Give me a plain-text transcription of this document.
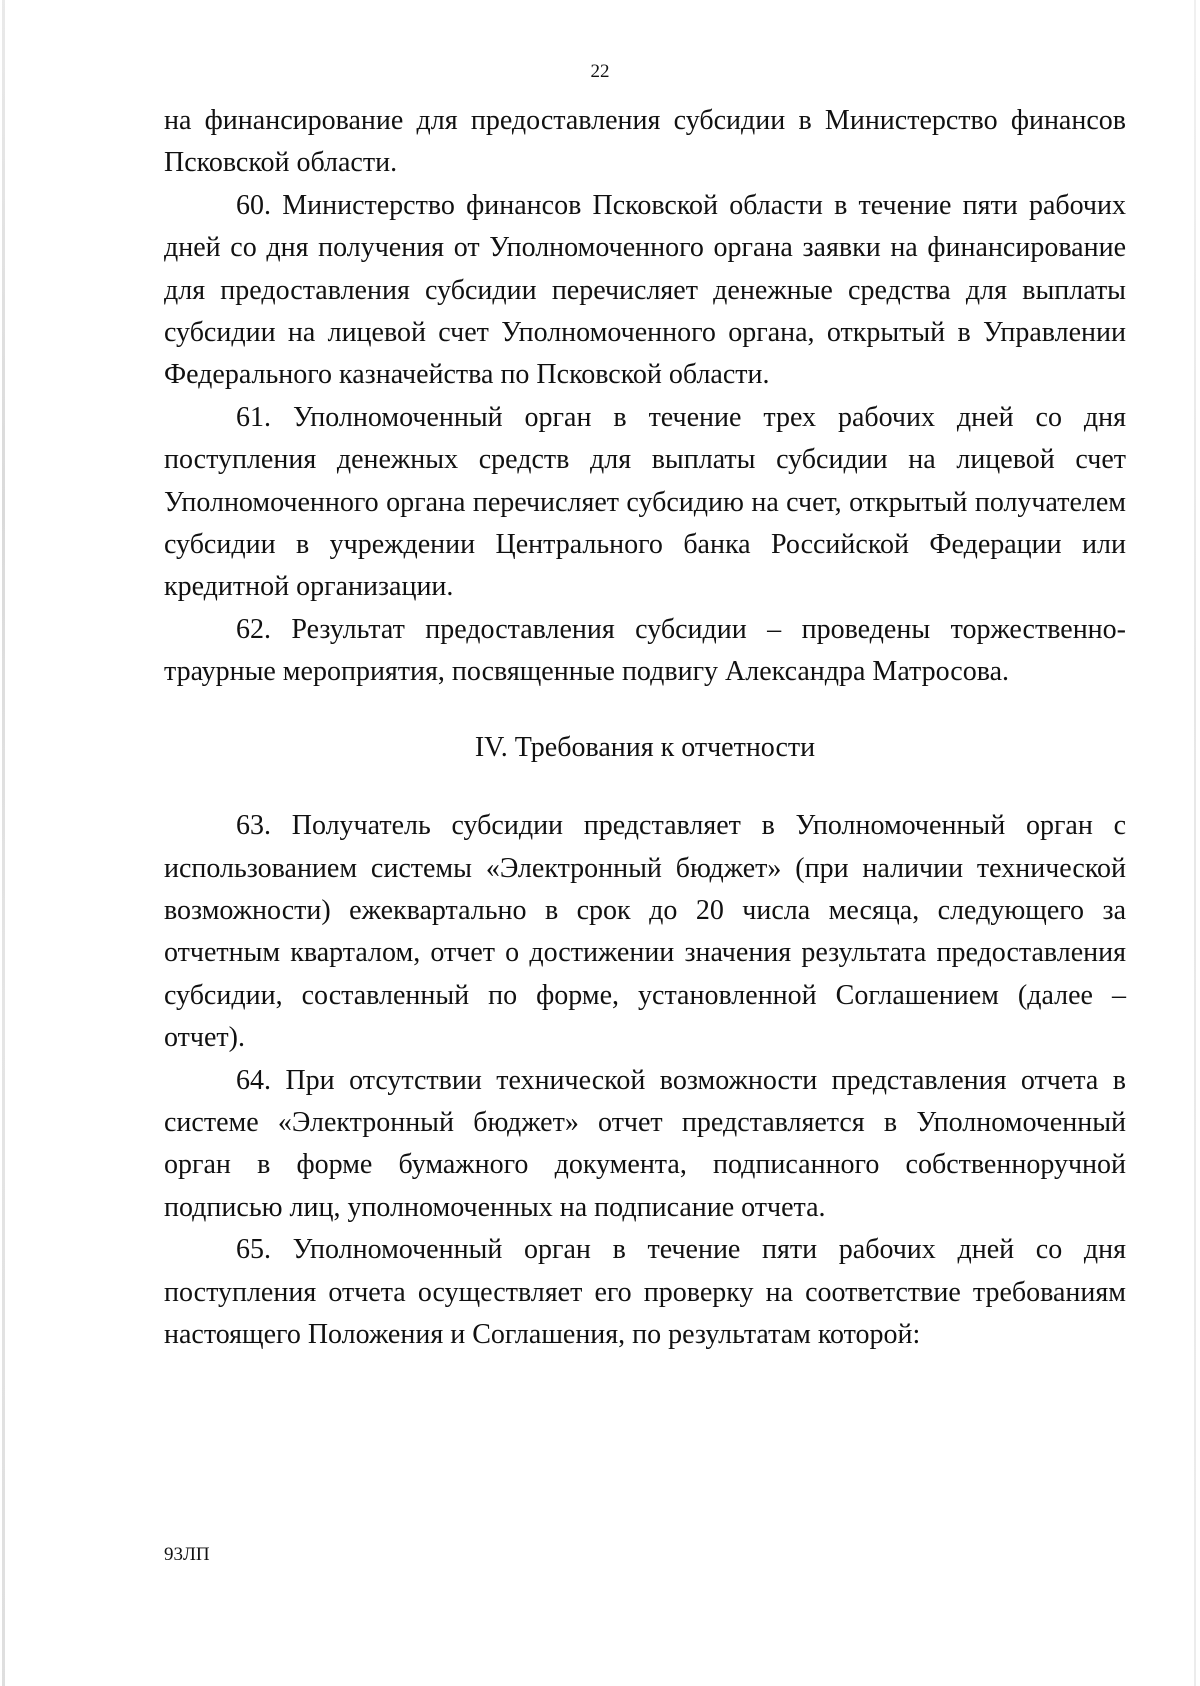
22

на финансирование для предоставления субсидии в Министерство финансов Псковской области.

60. Министерство финансов Псковской области в течение пяти рабочих дней со дня получения от Уполномоченного органа заявки на финансирование для предоставления субсидии перечисляет денежные средства для выплаты субсидии на лицевой счет Уполномоченного органа, открытый в Управлении Федерального казначейства по Псковской области.

61. Уполномоченный орган в течение трех рабочих дней со дня поступления денежных средств для выплаты субсидии на лицевой счет Уполномоченного органа перечисляет субсидию на счет, открытый получателем субсидии в учреждении Центрального банка Российской Федерации или кредитной организации.

62. Результат предоставления субсидии – проведены торжественно-траурные мероприятия, посвященные подвигу Александра Матросова.

IV. Требования к отчетности

63. Получатель субсидии представляет в Уполномоченный орган с использованием системы «Электронный бюджет» (при наличии технической возможности) ежеквартально в срок до 20 числа месяца, следующего за отчетным кварталом, отчет о достижении значения результата предоставления субсидии, составленный по форме, установленной Соглашением (далее – отчет).

64. При отсутствии технической возможности представления отчета в системе «Электронный бюджет» отчет представляется в Уполномоченный орган в форме бумажного документа, подписанного собственноручной подписью лиц, уполномоченных на подписание отчета.

65. Уполномоченный орган в течение пяти рабочих дней со дня поступления отчета осуществляет его проверку на соответствие требованиям настоящего Положения и Соглашения, по результатам которой:

93ЛП
